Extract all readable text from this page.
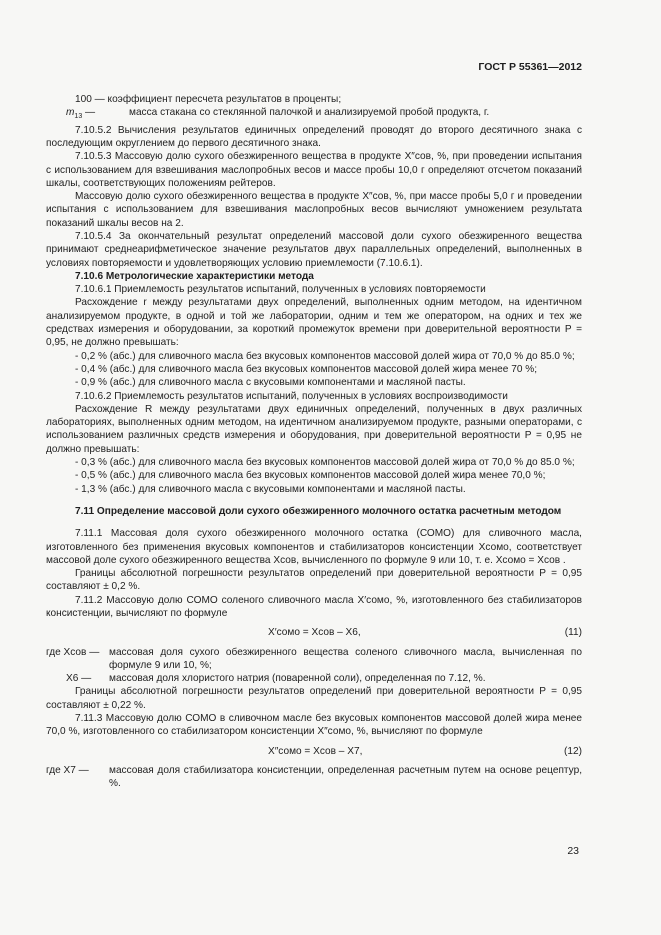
ГОСТ Р 55361—2012

100 — коэффициент пересчета результатов в проценты;

$m_{13}$ —	масса стакана со стеклянной палочкой и анализируемой пробой продукта, г.

7.10.5.2 Вычисления результатов единичных определений проводят до второго десятичного знака с последующим округлением до первого десятичного знака.

7.10.5.3 Массовую долю сухого обезжиренного вещества в продукте X″сов, %, при проведении испытания с использованием для взвешивания маслопробных весов и массе пробы 10,0 г определяют отсчетом показаний шкалы, соответствующих положениям рейтеров.

Массовую долю сухого обезжиренного вещества в продукте X″сов, %, при массе пробы 5,0 г и проведении испытания с использованием для взвешивания маслопробных весов вычисляют умножением результата показаний шкалы весов на 2.

7.10.5.4 За окончательный результат определений массовой доли сухого обезжиренного вещества принимают среднеарифметическое значение результатов двух параллельных определений, выполненных в условиях повторяемости и удовлетворяющих условию приемлемости (7.10.6.1).

7.10.6 Метрологические характеристики метода

7.10.6.1 Приемлемость результатов испытаний, полученных в условиях повторяемости

Расхождение r между результатами двух определений, выполненных одним методом, на идентичном анализируемом продукте, в одной и той же лаборатории, одним и тем же оператором, на одних и тех же средствах измерения и оборудовании, за короткий промежуток времени при доверительной вероятности P = 0,95, не должно превышать:

- 0,2 % (абс.) для сливочного масла без вкусовых компонентов массовой долей жира от 70,0 % до 85.0 %;

- 0,4 % (абс.) для сливочного масла без вкусовых компонентов массовой долей жира менее 70 %;

- 0,9 % (абс.) для сливочного масла с вкусовыми компонентами и масляной пасты.

7.10.6.2 Приемлемость результатов испытаний, полученных в условиях воспроизводимости

Расхождение R между результатами двух единичных определений, полученных в двух различных лабораториях, выполненных одним методом, на идентичном анализируемом продукте, разными операторами, с использованием различных средств измерения и оборудования, при доверительной вероятности P = 0,95 не должно превышать:

- 0,3 % (абс.) для сливочного масла без вкусовых компонентов массовой долей жира от 70,0 % до 85.0 %;

- 0,5 % (абс.) для сливочного масла без вкусовых компонентов массовой долей жира менее 70,0 %;

- 1,3 % (абс.) для сливочного масла с вкусовыми компонентами и масляной пасты.

7.11 Определение массовой доли сухого обезжиренного молочного остатка расчетным методом

7.11.1 Массовая доля сухого обезжиренного молочного остатка (СОМО) для сливочного масла, изготовленного без применения вкусовых компонентов и стабилизаторов консистенции Xсомо, соответствует массовой доле сухого обезжиренного вещества Xсов, вычисленного по формуле 9 или 10, т. е. Xсомо = Xсов .

Границы абсолютной погрешности результатов определений при доверительной вероятности P = 0,95 составляют ± 0,2 %.

7.11.2 Массовую долю СОМО соленого сливочного масла X′сомо, %, изготовленного без стабилизаторов консистенции, вычисляют по формуле

X′сомо = Xсов – X6,	(11)
где Xсов — массовая доля сухого обезжиренного вещества соленого сливочного масла, вычисленная по формуле 9 или 10, %;
X6 —	массовая доля хлористого натрия (поваренной соли), определенная по 7.12, %.

Границы абсолютной погрешности результатов определений при доверительной вероятности P = 0,95 составляют ± 0,22 %.

7.11.3 Массовую долю СОМО в сливочном масле без вкусовых компонентов массовой долей жира менее 70,0 %, изготовленного со стабилизатором консистенции X″сомо, %, вычисляют по формуле

X″сомо = Xсов – X7,	(12)
где X7 —	массовая доля стабилизатора консистенции, определенная расчетным путем на основе рецептур, %.
23
